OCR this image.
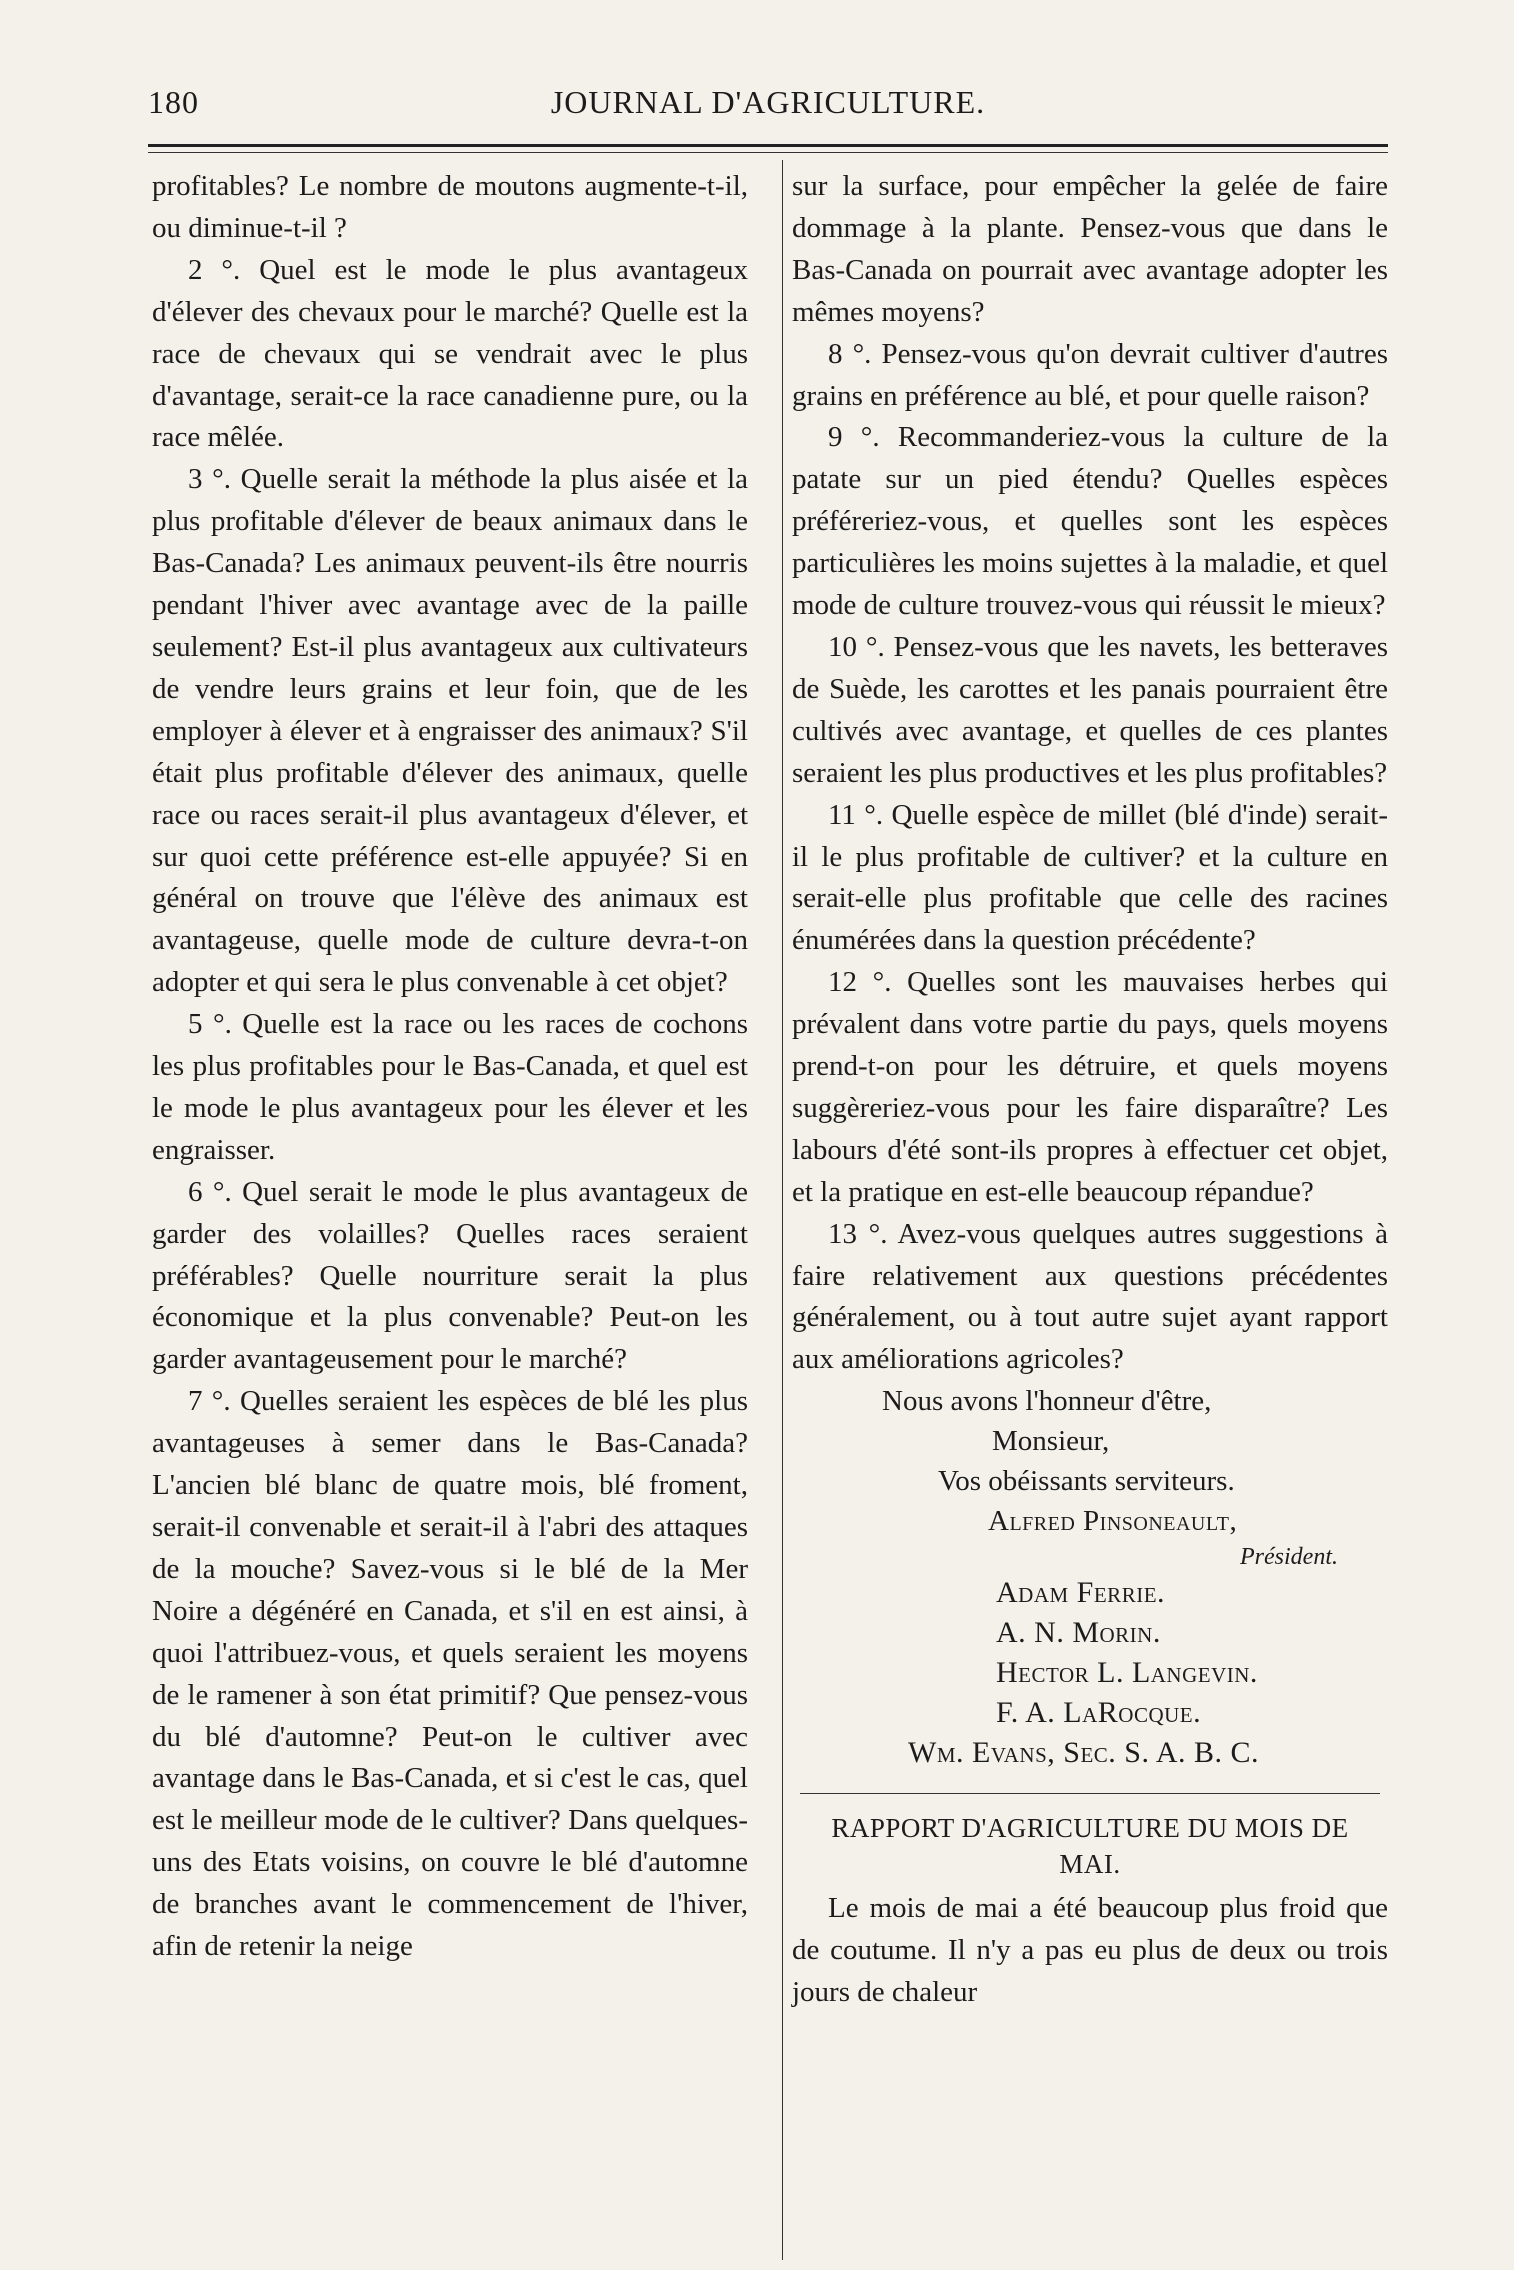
180	JOURNAL D'AGRICULTURE.

profitables? Le nombre de moutons augmente-t-il, ou diminue-t-il ?

2 °. Quel est le mode le plus avantageux d'élever des chevaux pour le marché? Quelle est la race de chevaux qui se vendrait avec le plus d'avantage, serait-ce la race canadienne pure, ou la race mêlée.

3 °. Quelle serait la méthode la plus aisée et la plus profitable d'élever de beaux animaux dans le Bas-Canada? Les animaux peuvent-ils être nourris pendant l'hiver avec avantage avec de la paille seulement? Est-il plus avantageux aux cultivateurs de vendre leurs grains et leur foin, que de les employer à élever et à engraisser des animaux? S'il était plus profitable d'élever des animaux, quelle race ou races serait-il plus avantageux d'élever, et sur quoi cette préférence est-elle appuyée? Si en général on trouve que l'élève des animaux est avantageuse, quelle mode de culture devra-t-on adopter et qui sera le plus convenable à cet objet?

5 °. Quelle est la race ou les races de cochons les plus profitables pour le Bas-Canada, et quel est le mode le plus avantageux pour les élever et les engraisser.

6 °. Quel serait le mode le plus avantageux de garder des volailles? Quelles races seraient préférables? Quelle nourriture serait la plus économique et la plus convenable? Peut-on les garder avantageusement pour le marché?

7 °. Quelles seraient les espèces de blé les plus avantageuses à semer dans le Bas-Canada? L'ancien blé blanc de quatre mois, blé froment, serait-il convenable et serait-il à l'abri des attaques de la mouche? Savez-vous si le blé de la Mer Noire a dégénéré en Canada, et s'il en est ainsi, à quoi l'attribuez-vous, et quels seraient les moyens de le ramener à son état primitif? Que pensez-vous du blé d'automne? Peut-on le cultiver avec avantage dans le Bas-Canada, et si c'est le cas, quel est le meilleur mode de le cultiver? Dans quelques-uns des Etats voisins, on couvre le blé d'automne de branches avant le commencement de l'hiver, afin de retenir la neige

sur la surface, pour empêcher la gelée de faire dommage à la plante. Pensez-vous que dans le Bas-Canada on pourrait avec avantage adopter les mêmes moyens?

8 °. Pensez-vous qu'on devrait cultiver d'autres grains en préférence au blé, et pour quelle raison?

9 °. Recommanderiez-vous la culture de la patate sur un pied étendu? Quelles espèces préféreriez-vous, et quelles sont les espèces particulières les moins sujettes à la maladie, et quel mode de culture trouvez-vous qui réussit le mieux?

10 °. Pensez-vous que les navets, les betteraves de Suède, les carottes et les panais pourraient être cultivés avec avantage, et quelles de ces plantes seraient les plus productives et les plus profitables?

11 °. Quelle espèce de millet (blé d'inde) serait-il le plus profitable de cultiver? et la culture en serait-elle plus profitable que celle des racines énumérées dans la question précédente?

12 °. Quelles sont les mauvaises herbes qui prévalent dans votre partie du pays, quels moyens prend-t-on pour les détruire, et quels moyens suggèreriez-vous pour les faire disparaître? Les labours d'été sont-ils propres à effectuer cet objet, et la pratique en est-elle beaucoup répandue?

13 °. Avez-vous quelques autres suggestions à faire relativement aux questions précédentes généralement, ou à tout autre sujet ayant rapport aux améliorations agricoles?

Nous avons l'honneur d'être,
Monsieur,
Vos obéissants serviteurs.
Alfred Pinsoneault,
Président.
Adam Ferrie.
A. N. Morin.
Hector L. Langevin.
F. A. LaRocque.
Wm. Evans, Sec. S. A. B. C.
RAPPORT D'AGRICULTURE DU MOIS DE
MAI.

Le mois de mai a été beaucoup plus froid que de coutume. Il n'y a pas eu plus de deux ou trois jours de chaleur
